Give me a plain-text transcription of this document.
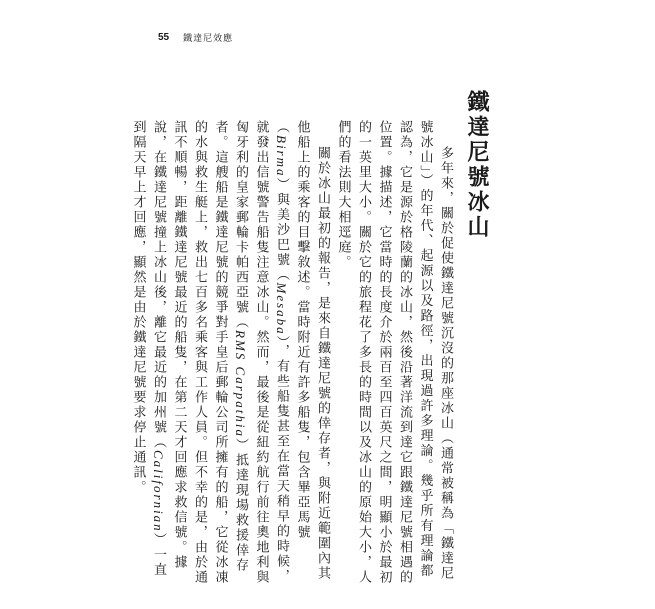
55 鐵達尼效應
鐵達尼號冰山

多年來，關於促使鐵達尼號沉沒的那座冰山（通常被稱為「鐵達尼號冰山」）的年代、起源以及路徑，出現過許多理論。幾乎所有理論都認為，它是源於格陵蘭的冰山，然後沿著洋流到達它跟鐵達尼號相遇的位置。據描述，它當時的長度介於兩百至四百英尺之間，明顯小於最初的一英里大小。關於它的旅程花了多長的時間以及冰山的原始大小，人們的看法則大相逕庭。

關於冰山最初的報告，是來自鐵達尼號的倖存者，與附近範圍內其他船上的乘客的目擊敘述。當時附近有許多船隻，包含畢亞馬號（Birma）與美沙巴號（Mesaba），有些船隻甚至在當天稍早的時候，就發出信號警告船隻注意冰山。然而，最後是從紐約航行前往奧地利與匈牙利的皇家郵輪卡帕西亞號（RMS Carpathia）抵達現場救援倖存者。這艘船是鐵達尼號的競爭對手皇后郵輪公司所擁有的船，它從冰凍的水與救生艇上，救出七百多名乘客與工作人員。但不幸的是，由於通訊不順暢，距離鐵達尼號最近的船隻，在第二天才回應求救信號。據說，在鐵達尼號撞上冰山後，離它最近的加州號（Californian）一直到隔天早上才回應，顯然是由於鐵達尼號要求停止通訊。
